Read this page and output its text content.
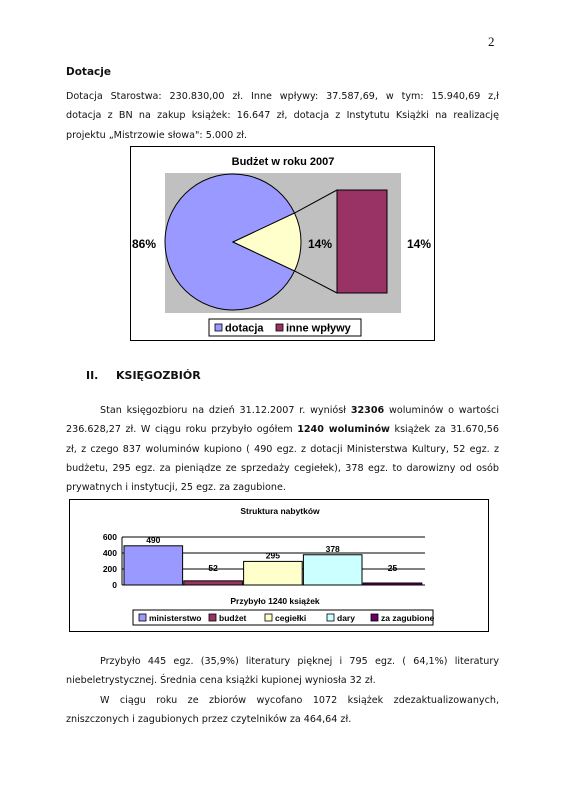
2
Dotacje
Dotacja Starostwa: 230.830,00 zł. Inne wpływy: 37.587,69, w tym: 15.940,69 z,ł
dotacja z BN na zakup książek: 16.647 zł, dotacja z Instytutu Książki na realizację
projektu „Mistrzowie słowa": 5.000 zł.
Budżet w roku 2007
86%	14%	14%
dotacja inne wpływy
II. KSIĘGOZBIÓR
Stan księgozbioru na dzień 31.12.2007 r. wyniósł 32306 woluminów o wartości
236.628,27 zł. W ciągu roku przybyło ogółem 1240 woluminów książek za 31.670,56
zł, z czego 837 woluminów kupiono ( 490 egz. z dotacji Ministerstwa Kultury, 52 egz. z
budżetu, 295 egz. za pieniądze ze sprzedaży cegiełek), 378 egz. to darowizny od osób
prywatnych i instytucji, 25 egz. za zagubione.
Struktura nabytków
0
200
400
600	490
52
295
378
25
Przybyło 1240 książek
ministerstwo budżet	cegiełki	dary	za zagubione
Przybyło 445 egz. (35,9%) literatury pięknej i 795 egz. ( 64,1%) literatury
niebeletrystycznej. Średnia cena książki kupionej wyniosła 32 zł.
W ciągu roku ze zbiorów wycofano 1072 książek zdezaktualizowanych,
zniszczonych i zagubionych przez czytelników za 464,64 zł.
